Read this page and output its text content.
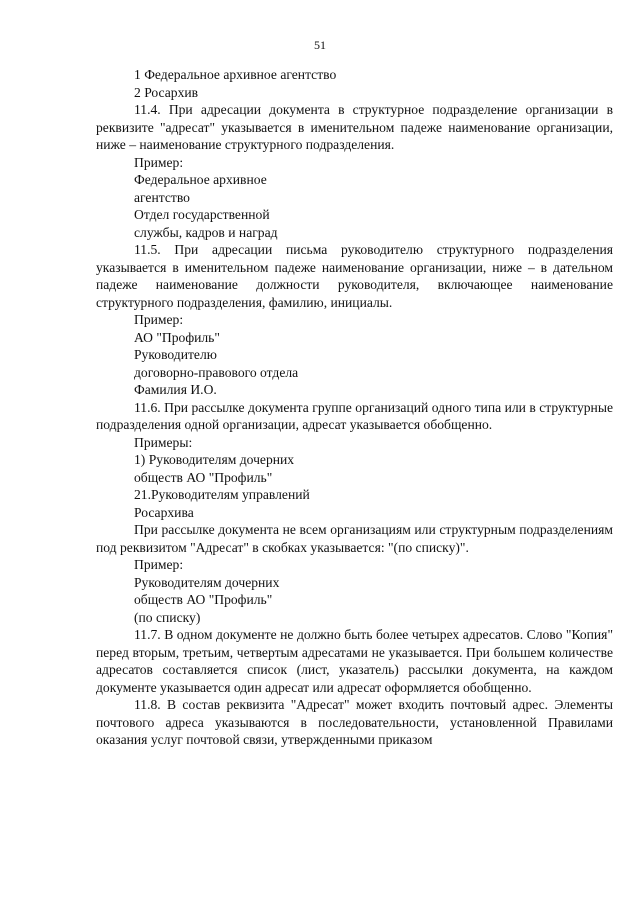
51

1 Федеральное архивное агентство

2 Росархив

11.4. При адресации документа в структурное подразделение организации в реквизите "адресат" указывается в именительном падеже наименование организации, ниже – наименование структурного подразделения.

Пример:

Федеральное архивное

агентство

Отдел государственной

службы, кадров и наград

11.5. При адресации письма руководителю структурного подразделения указывается в именительном падеже наименование организации, ниже – в дательном падеже наименование должности руководителя, включающее наименование структурного подразделения, фамилию, инициалы.

Пример:

АО "Профиль"

Руководителю

договорно-правового отдела

Фамилия И.О.

11.6. При рассылке документа группе организаций одного типа или в структурные подразделения одной организации, адресат указывается обобщенно.

Примеры:

1) Руководителям дочерних

обществ АО "Профиль"

21.Руководителям управлений

Росархива

При рассылке документа не всем организациям или структурным подразделениям под реквизитом "Адресат" в скобках указывается: "(по списку)".

Пример:

Руководителям дочерних

обществ АО "Профиль"

(по списку)

11.7. В одном документе не должно быть более четырех адресатов. Слово "Копия" перед вторым, третьим, четвертым адресатами не указывается. При большем количестве адресатов составляется список (лист, указатель) рассылки документа, на каждом документе указывается один адресат или адресат оформляется обобщенно.

11.8. В состав реквизита "Адресат" может входить почтовый адрес. Элементы почтового адреса указываются в последовательности, установленной Правилами оказания услуг почтовой связи, утвержденными приказом
